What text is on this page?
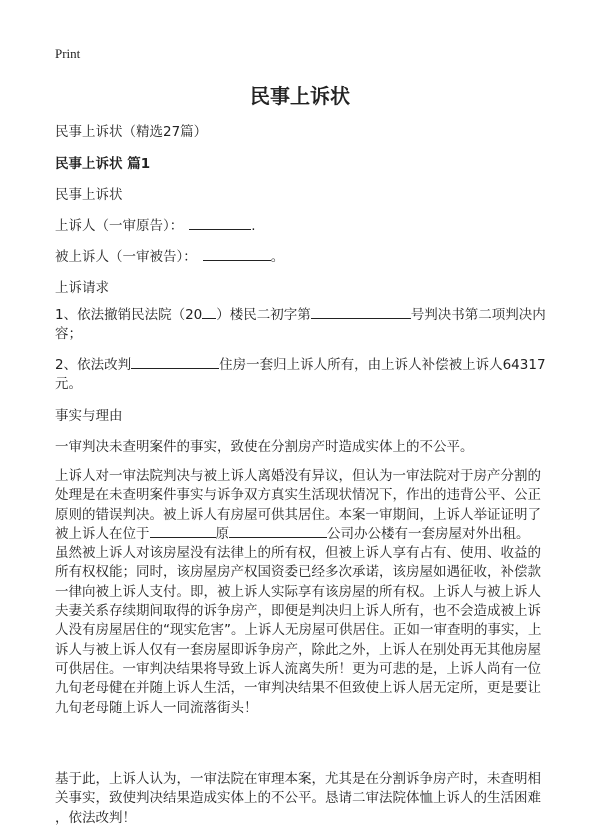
Print
民事上诉状
民事上诉状（精选27篇）
民事上诉状 篇1
民事上诉状
上诉人（一审原告）：	.
被上诉人（一审被告）：	。
上诉请求
1、依法撤销民法院（20 ）楼民二初字第	号判决书第二项判决内
容；
2、依法改判	住房一套归上诉人所有，由上诉人补偿被上诉人64317
元。
事实与理由
一审判决未查明案件的事实，致使在分割房产时造成实体上的不公平。
上诉人对一审法院判决与被上诉人离婚没有异议，但认为一审法院对于房产分割的
处理是在未查明案件事实与诉争双方真实生活现状情况下，作出的违背公平、公正
原则的错误判决。被上诉人有房屋可供其居住。本案一审期间，上诉人举证证明了
被上诉人在位于	原	公司办公楼有一套房屋对外出租。
虽然被上诉人对该房屋没有法律上的所有权，但被上诉人享有占有、使用、收益的
所有权权能；同时，该房屋房产权国资委已经多次承诺，该房屋如遇征收，补偿款
一律向被上诉人支付。即，被上诉人实际享有该房屋的所有权。上诉人与被上诉人
夫妻关系存续期间取得的诉争房产，即便是判决归上诉人所有，也不会造成被上诉
人没有房屋居住的“现实危害”。上诉人无房屋可供居住。正如一审查明的事实，上
诉人与被上诉人仅有一套房屋即诉争房产，除此之外，上诉人在别处再无其他房屋
可供居住。一审判决结果将导致上诉人流离失所！更为可悲的是，上诉人尚有一位
九旬老母健在并随上诉人生活，一审判决结果不但致使上诉人居无定所，更是要让
九旬老母随上诉人一同流落街头！
基于此，上诉人认为，一审法院在审理本案，尤其是在分割诉争房产时，未查明相
关事实，致使判决结果造成实体上的不公平。恳请二审法院体恤上诉人的生活困难
，依法改判！
